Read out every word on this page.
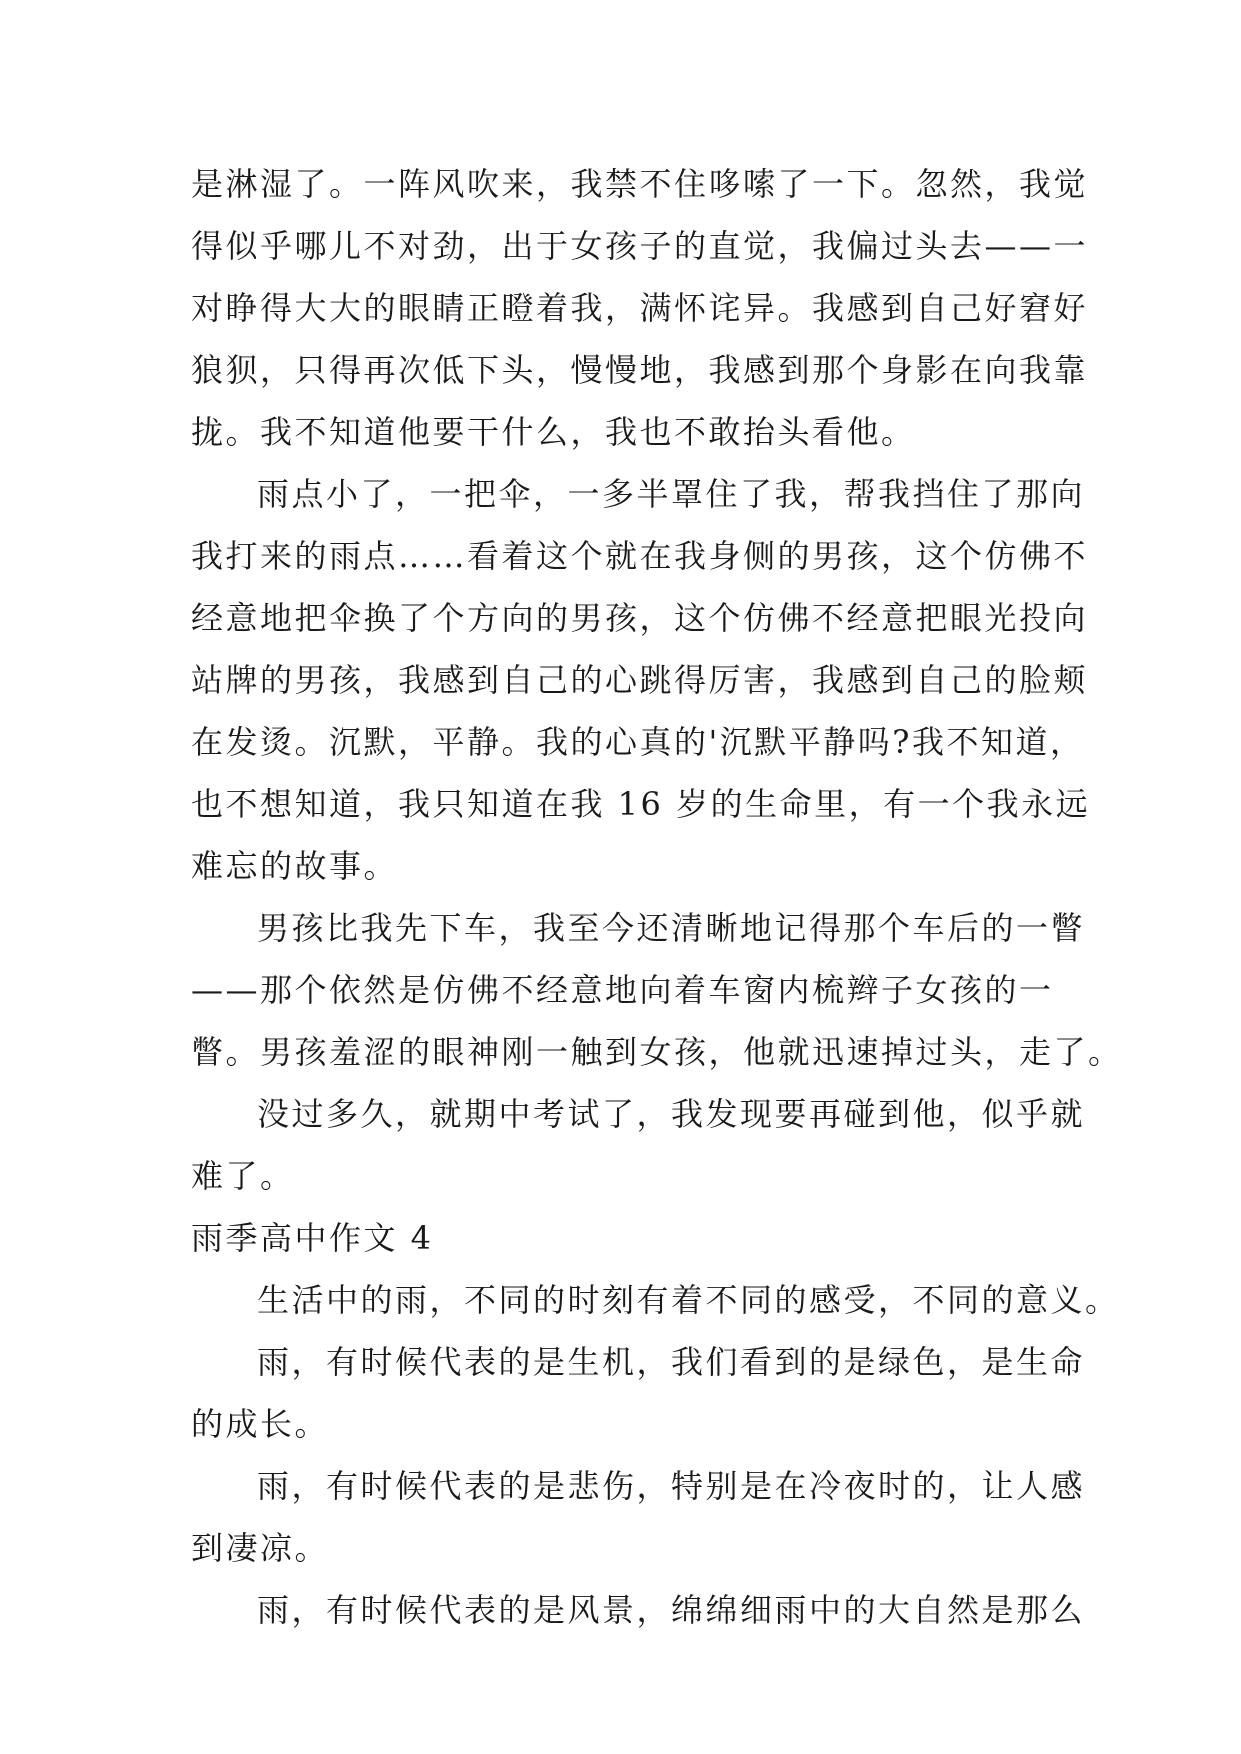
是淋湿了。一阵风吹来，我禁不住哆嗦了一下。忽然，我觉
得似乎哪儿不对劲，出于女孩子的直觉，我偏过头去——一
对睁得大大的眼睛正瞪着我，满怀诧异。我感到自己好窘好
狼狈，只得再次低下头，慢慢地，我感到那个身影在向我靠
拢。我不知道他要干什么，我也不敢抬头看他。
雨点小了，一把伞，一多半罩住了我，帮我挡住了那向
我打来的雨点……看着这个就在我身侧的男孩，这个仿佛不
经意地把伞换了个方向的男孩，这个仿佛不经意把眼光投向
站牌的男孩，我感到自己的心跳得厉害，我感到自己的脸颊
在发烫。沉默，平静。我的心真的'沉默平静吗?我不知道，
也不想知道，我只知道在我 16 岁的生命里，有一个我永远
难忘的故事。
男孩比我先下车，我至今还清晰地记得那个车后的一瞥
——那个依然是仿佛不经意地向着车窗内梳辫子女孩的一
瞥。男孩羞涩的眼神刚一触到女孩，他就迅速掉过头，走了。
没过多久，就期中考试了，我发现要再碰到他，似乎就
难了。
雨季高中作文 4
生活中的雨，不同的时刻有着不同的感受，不同的意义。
雨，有时候代表的是生机，我们看到的是绿色，是生命
的成长。
雨，有时候代表的是悲伤，特别是在冷夜时的，让人感
到凄凉。
雨，有时候代表的是风景，绵绵细雨中的大自然是那么
